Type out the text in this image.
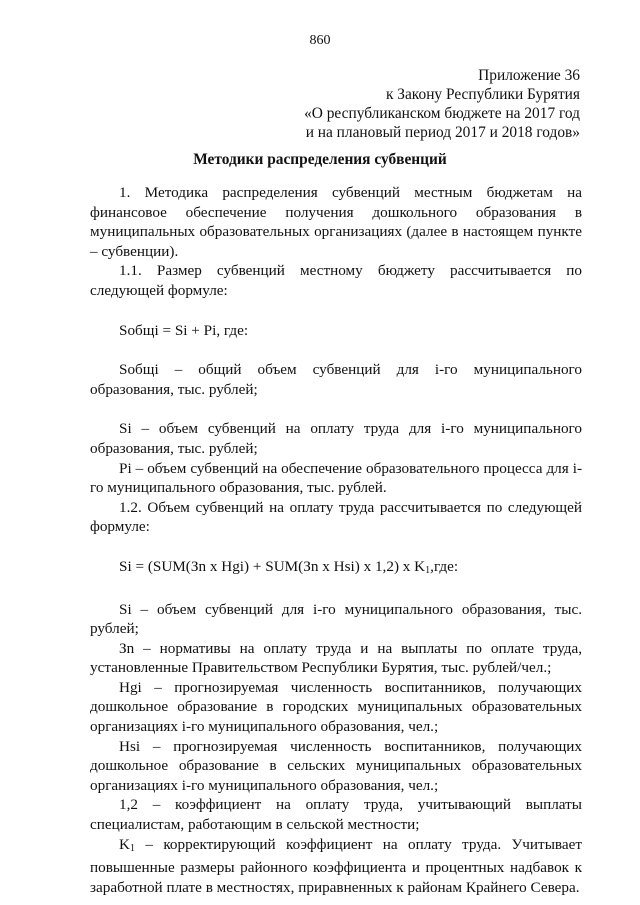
860
Приложение 36
к Закону Республики Бурятия
«О республиканском бюджете на 2017 год
и на плановый период 2017 и 2018 годов»
Методики распределения субвенций

1. Методика распределения субвенций местным бюджетам на финансовое обеспечение получения дошкольного образования в муниципальных образовательных организациях (далее в настоящем пункте – субвенции).

1.1. Размер субвенций местному бюджету рассчитывается по следующей формуле:

Sобщi = Si + Pi, где:

Sобщi – общий объем субвенций для i-го муниципального образования, тыс. рублей;

Si – объем субвенций на оплату труда для i-го муниципального образования, тыс. рублей;

Pi – объем субвенций на обеспечение образовательного процесса для i-го муниципального образования, тыс. рублей.

1.2. Объем субвенций на оплату труда рассчитывается по следующей формуле:

Si = (SUM(Зn x Hgi) + SUM(Зn x Hsi) x 1,2) x $K_1,где$:

Si – объем субвенций для i-го муниципального образования, тыс. рублей;

Зn – нормативы на оплату труда и на выплаты по оплате труда, установленные Правительством Республики Бурятия, тыс. рублей/чел.;

Hgi – прогнозируемая численность воспитанников, получающих дошкольное образование в городских муниципальных образовательных организациях i-го муниципального образования, чел.;

Hsi – прогнозируемая численность воспитанников, получающих дошкольное образование в сельских муниципальных образовательных организациях i-го муниципального образования, чел.;

1,2 – коэффициент на оплату труда, учитывающий выплаты специалистам, работающим в сельской местности;

$K_1$ – корректирующий коэффициент на оплату труда. Учитывает повышенные размеры районного коэффициента и процентных надбавок к заработной плате в местностях, приравненных к районам Крайнего Севера.
